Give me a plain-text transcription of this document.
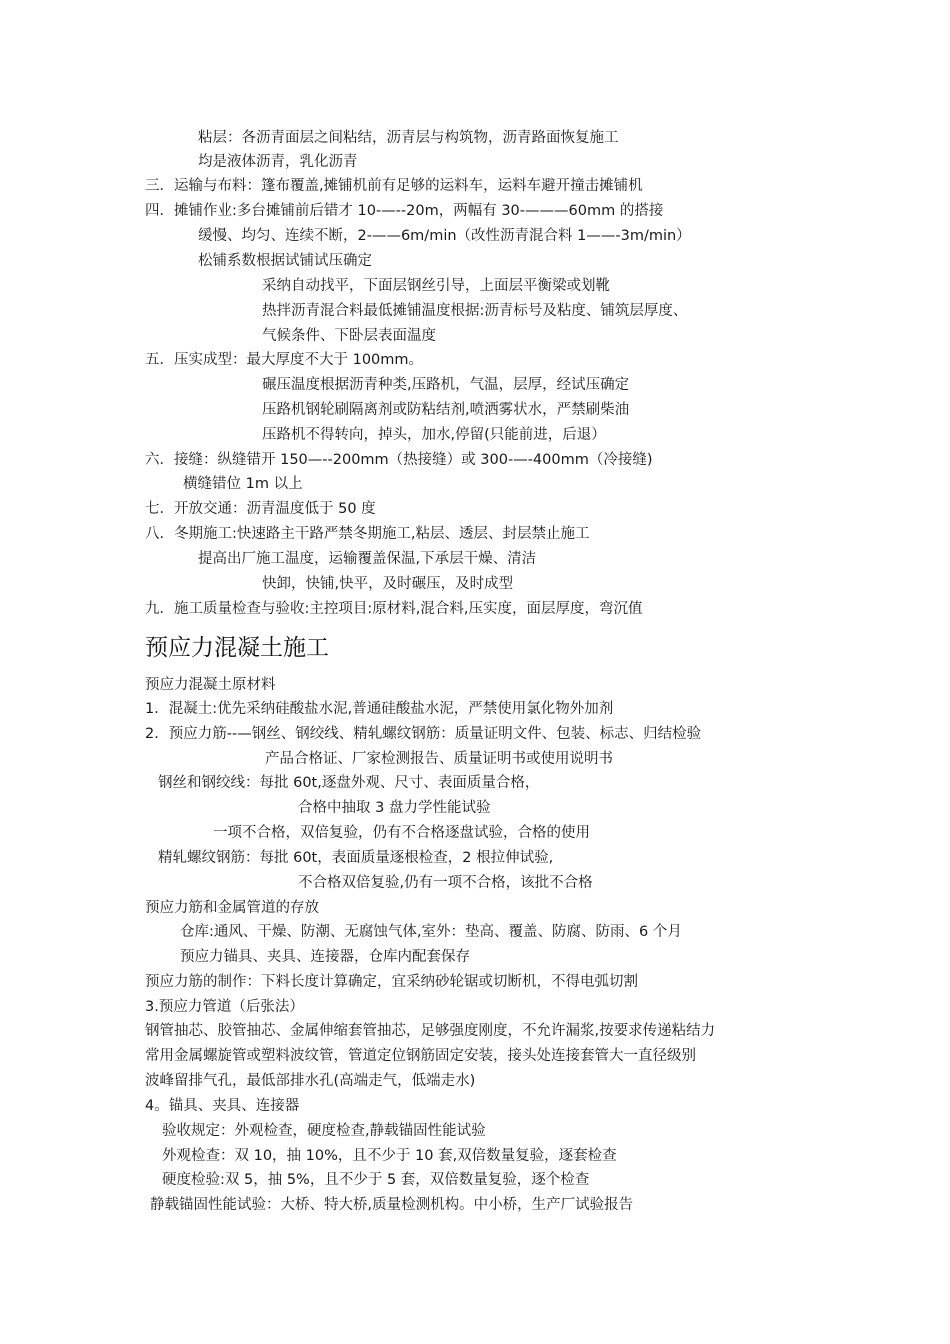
粘层：各沥青面层之间粘结，沥青层与构筑物，沥青路面恢复施工
均是液体沥青，乳化沥青
三．运输与布料：篷布覆盖,摊铺机前有足够的运料车，运料车避开撞击摊铺机
四．摊铺作业:多台摊铺前后错才 10-—--20m，两幅有 30-———60mm 的搭接
缓慢、均匀、连续不断，2-——6m/min（改性沥青混合料 1——-3m/min）
松铺系数根据试铺试压确定
采纳自动找平，下面层钢丝引导，上面层平衡梁或划靴
热拌沥青混合料最低摊铺温度根据:沥青标号及粘度、铺筑层厚度、
气候条件、下卧层表面温度
五．压实成型：最大厚度不大于 100mm。
碾压温度根据沥青种类,压路机，气温，层厚，经试压确定
压路机钢轮刷隔离剂或防粘结剂,喷洒雾状水，严禁刷柴油
压路机不得转向，掉头，加水,停留(只能前进，后退）
六．接缝：纵缝错开 150—--200mm（热接缝）或 300-—-400mm（冷接缝)
横缝错位 1m 以上
七．开放交通：沥青温度低于 50 度
八．冬期施工:快速路主干路严禁冬期施工,粘层、透层、封层禁止施工
提高出厂施工温度，运输覆盖保温,下承层干燥、清洁
快卸，快铺,快平，及时碾压，及时成型
九．施工质量检查与验收:主控项目:原材料,混合料,压实度，面层厚度，弯沉值
预应力混凝土施工
预应力混凝土原材料
1．混凝土:优先采纳硅酸盐水泥,普通硅酸盐水泥，严禁使用氯化物外加剂
2．预应力筋--—钢丝、钢绞线、精轧螺纹钢筋：质量证明文件、包装、标志、归结检验
产品合格证、厂家检测报告、质量证明书或使用说明书
钢丝和钢绞线：每批 60t,逐盘外观、尺寸、表面质量合格，
合格中抽取 3 盘力学性能试验
一项不合格，双倍复验，仍有不合格逐盘试验，合格的使用
精轧螺纹钢筋：每批 60t，表面质量逐根检查，2 根拉伸试验,
不合格双倍复验,仍有一项不合格，该批不合格
预应力筋和金属管道的存放
仓库:通风、干燥、防潮、无腐蚀气体,室外：垫高、覆盖、防腐、防雨、6 个月
预应力锚具、夹具、连接器，仓库内配套保存
预应力筋的制作：下料长度计算确定，宜采纳砂轮锯或切断机，不得电弧切割
3.预应力管道（后张法）
钢管抽芯、胶管抽芯、金属伸缩套管抽芯，足够强度刚度，不允许漏浆,按要求传递粘结力
常用金属螺旋管或塑料波纹管，管道定位钢筋固定安装，接头处连接套管大一直径级别
波峰留排气孔，最低部排水孔(高端走气，低端走水)
4。锚具、夹具、连接器
验收规定：外观检查，硬度检查,静载锚固性能试验
外观检查：双 10，抽 10%，且不少于 10 套,双倍数量复验，逐套检查
硬度检验:双 5，抽 5%，且不少于 5 套，双倍数量复验，逐个检查
静载锚固性能试验：大桥、特大桥,质量检测机构。中小桥，生产厂试验报告
